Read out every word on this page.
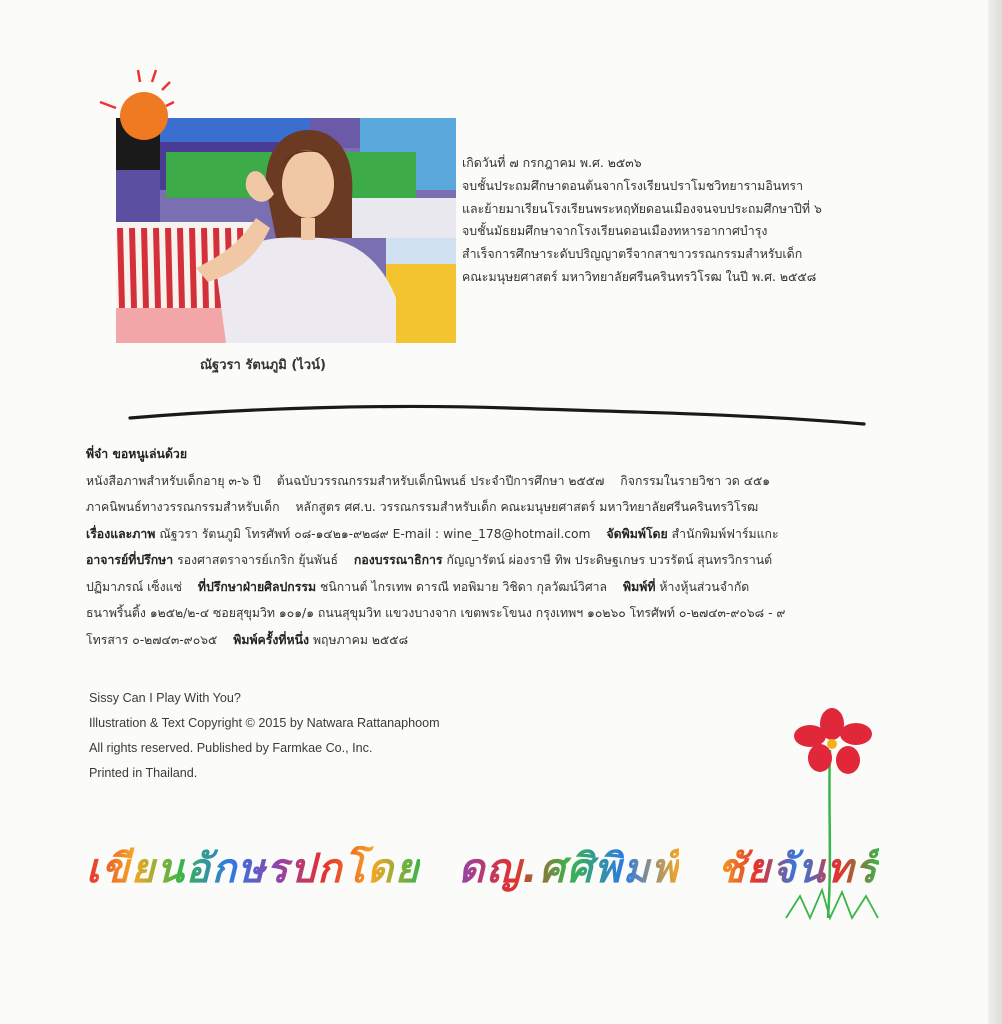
เกิดวันที่ ๗ กรกฎาคม พ.ศ. ๒๕๓๖
จบชั้นประถมศึกษาตอนต้นจากโรงเรียนปราโมชวิทยารามอินทรา
และย้ายมาเรียนโรงเรียนพระหฤทัยดอนเมืองจนจบประถมศึกษาปีที่ ๖
จบชั้นมัธยมศึกษาจากโรงเรียนดอนเมืองทหารอากาศบำรุง
สำเร็จการศึกษาระดับปริญญาตรีจากสาขาวรรณกรรมสำหรับเด็ก
คณะมนุษยศาสตร์ มหาวิทยาลัยศรีนครินทรวิโรฒ ในปี พ.ศ. ๒๕๕๘
ณัฐวรา รัตนภูมิ (ไวน์)
พี่จ๋า ขอหนูเล่นด้วย
หนังสือภาพสำหรับเด็กอายุ ๓-๖ ปี ต้นฉบับวรรณกรรมสำหรับเด็กนิพนธ์ ประจำปีการศึกษา ๒๕๕๗ กิจกรรมในรายวิชา วด ๔๕๑
ภาคนิพนธ์ทางวรรณกรรมสำหรับเด็ก หลักสูตร ศศ.บ. วรรณกรรมสำหรับเด็ก คณะมนุษยศาสตร์ มหาวิทยาลัยศรีนครินทรวิโรฒ
เรื่องและภาพ ณัฐวรา รัตนภูมิ โทรศัพท์ ๐๘-๑๔๒๑-๙๒๘๙ E-mail : wine_178@hotmail.com จัดพิมพ์โดย สำนักพิมพ์ฟาร์มแกะ
อาจารย์ที่ปรึกษา รองศาสตราจารย์เกริก ยุ้นพันธ์ กองบรรณาธิการ กัญญารัตน์ ผ่องราษี ทิพ ประดิษฐเกษร บวรรัตน์ สุนทรวิกรานต์
ปฏิมาภรณ์ เซ็งแซ่ ที่ปรึกษาฝ่ายศิลปกรรม ชนิกานต์ ไกรเทพ ดารณี ทอพิมาย วิชิดา กุลวัฒน์วิศาล พิมพ์ที่ ห้างหุ้นส่วนจำกัด
ธนาพริ้นติ้ง ๑๒๕๒/๒-๔ ซอยสุขุมวิท ๑๐๑/๑ ถนนสุขุมวิท แขวงบางจาก เขตพระโขนง กรุงเทพฯ ๑๐๒๖๐ โทรศัพท์ ๐-๒๗๔๓-๙๐๖๘ - ๙
โทรสาร ๐-๒๗๔๓-๙๐๖๕ พิมพ์ครั้งที่หนึ่ง พฤษภาคม ๒๕๕๘
Sissy Can I Play With You?
Illustration & Text Copyright © 2015 by Natwara Rattanaphoom
All rights reserved. Published by Farmkae Co., Inc.
Printed in Thailand.
เขียนอักษรปกโดย ดญ.ศศิพิมพ์ ชัยจันทร์
